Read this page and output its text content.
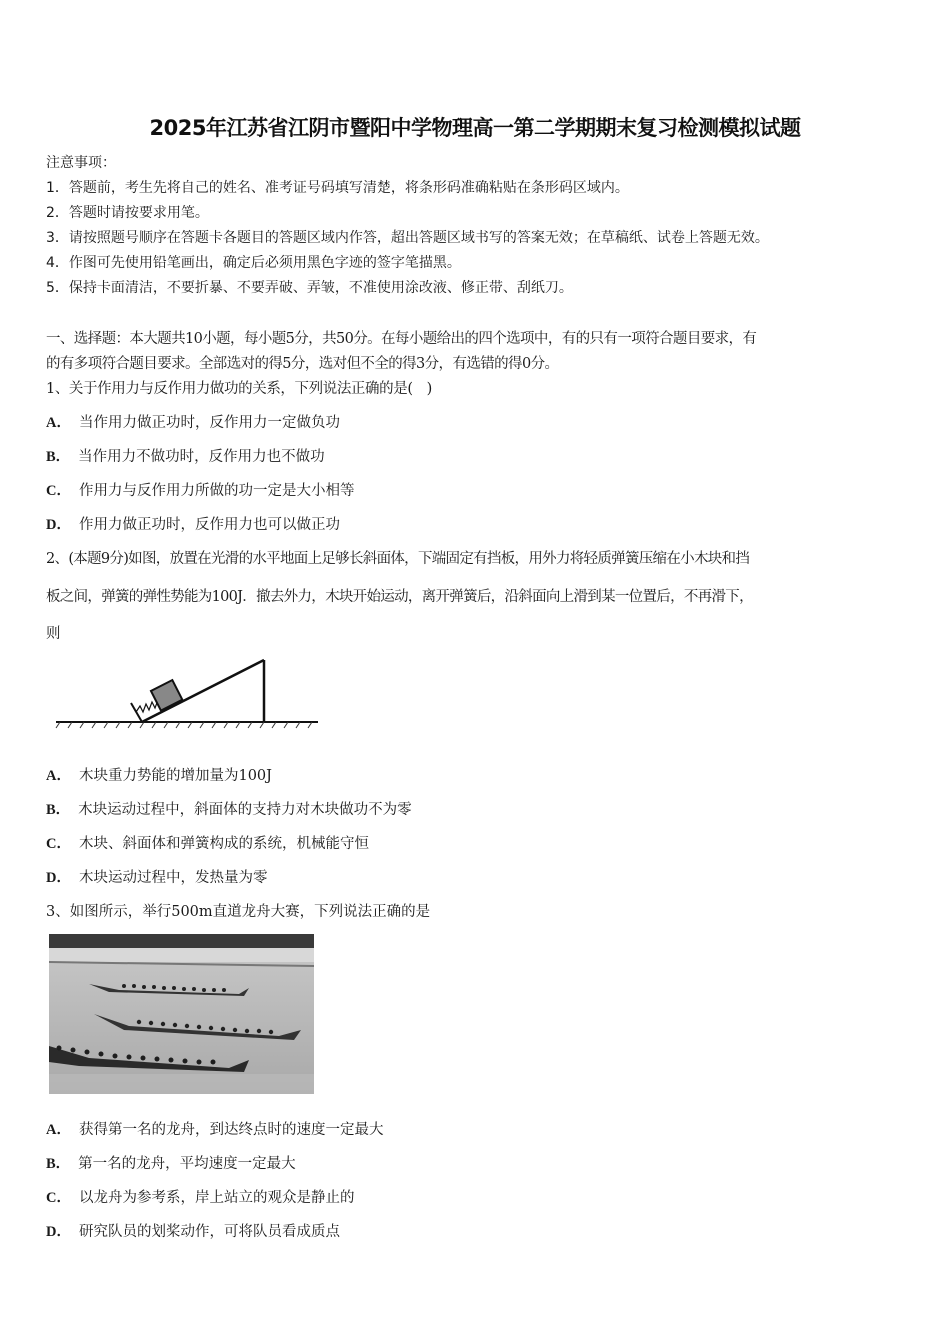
2025年江苏省江阴市暨阳中学物理高一第二学期期末复习检测模拟试题
注意事项：
1．答题前，考生先将自己的姓名、准考证号码填写清楚，将条形码准确粘贴在条形码区域内。
2．答题时请按要求用笔。
3．请按照题号顺序在答题卡各题目的答题区域内作答，超出答题区域书写的答案无效；在草稿纸、试卷上答题无效。
4．作图可先使用铅笔画出，确定后必须用黑色字迹的签字笔描黑。
5．保持卡面清洁，不要折暴、不要弄破、弄皱，不准使用涂改液、修正带、刮纸刀。
一、选择题：本大题共10小题，每小题5分，共50分。在每小题给出的四个选项中，有的只有一项符合题目要求，有
的有多项符合题目要求。全部选对的得5分，选对但不全的得3分，有选错的得0分。
1、关于作用力与反作用力做功的关系，下列说法正确的是(　)
A． 当作用力做正功时，反作用力一定做负功
B． 当作用力不做功时，反作用力也不做功
C． 作用力与反作用力所做的功一定是大小相等
D． 作用力做正功时，反作用力也可以做正功
2、(本题9分)如图，放置在光滑的水平地面上足够长斜面体，下端固定有挡板，用外力将轻质弹簧压缩在小木块和挡
板之间，弹簧的弹性势能为100J．撤去外力，木块开始运动，离开弹簧后，沿斜面向上滑到某一位置后，不再滑下，
则
A． 木块重力势能的增加量为100J
B． 木块运动过程中，斜面体的支持力对木块做功不为零
C． 木块、斜面体和弹簧构成的系统，机械能守恒
D． 木块运动过程中，发热量为零
3、如图所示，举行500m直道龙舟大赛，下列说法正确的是
A． 获得第一名的龙舟，到达终点时的速度一定最大
B． 第一名的龙舟，平均速度一定最大
C． 以龙舟为参考系，岸上站立的观众是静止的
D． 研究队员的划桨动作，可将队员看成质点
